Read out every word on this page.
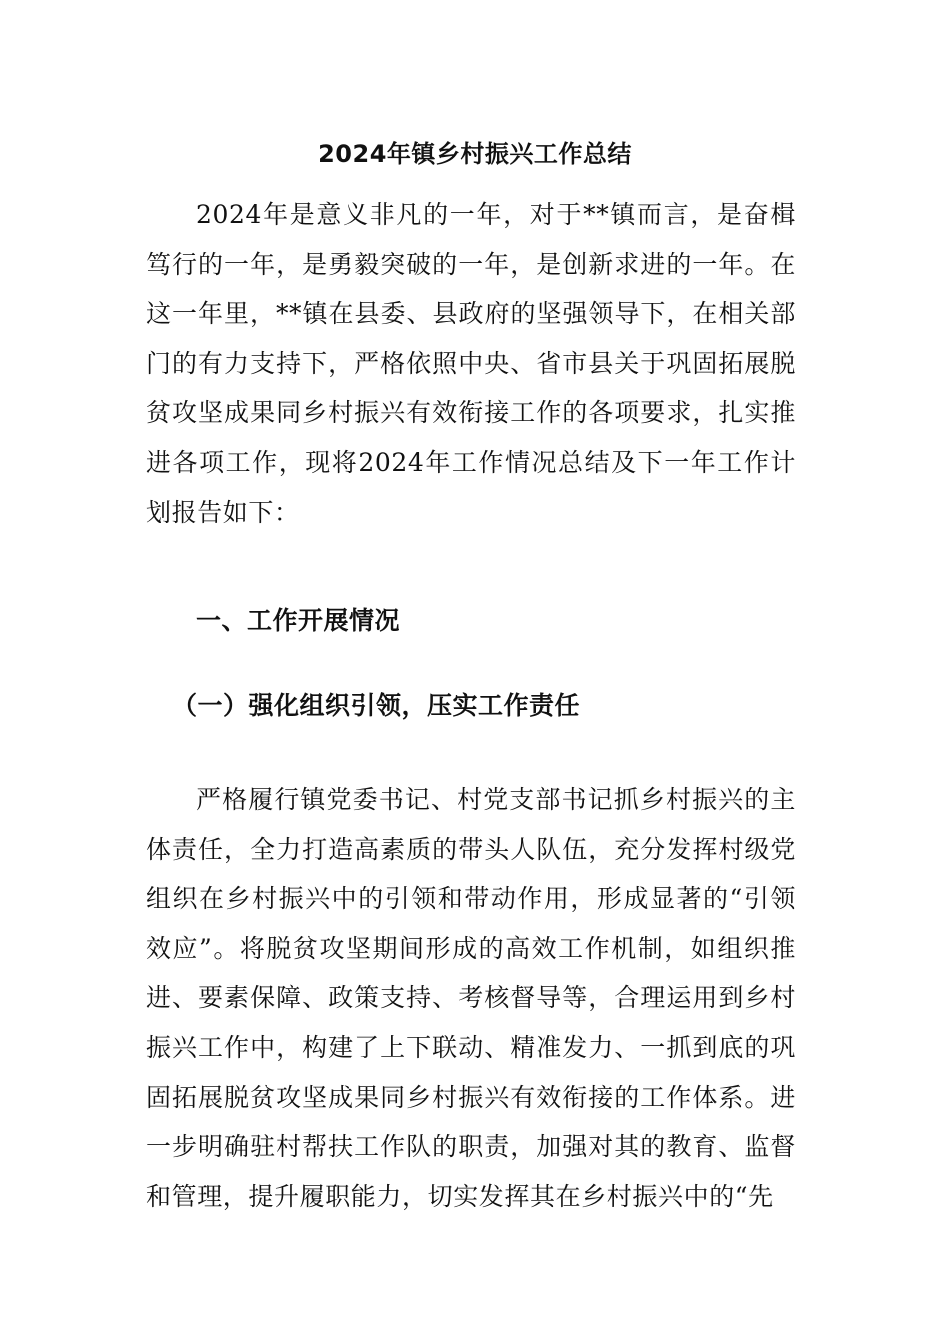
2024年镇乡村振兴工作总结

2024年是意义非凡的一年，对于**镇而言，是奋楫笃行的一年，是勇毅突破的一年，是创新求进的一年。在这一年里，**镇在县委、县政府的坚强领导下，在相关部门的有力支持下，严格依照中央、省市县关于巩固拓展脱贫攻坚成果同乡村振兴有效衔接工作的各项要求，扎实推进各项工作，现将2024年工作情况总结及下一年工作计划报告如下：

一、工作开展情况
（一）强化组织引领，压实工作责任

严格履行镇党委书记、村党支部书记抓乡村振兴的主体责任，全力打造高素质的带头人队伍，充分发挥村级党组织在乡村振兴中的引领和带动作用，形成显著的“引领效应”。将脱贫攻坚期间形成的高效工作机制，如组织推进、要素保障、政策支持、考核督导等，合理运用到乡村振兴工作中，构建了上下联动、精准发力、一抓到底的巩固拓展脱贫攻坚成果同乡村振兴有效衔接的工作体系。进一步明确驻村帮扶工作队的职责，加强对其的教育、监督和管理，提升履职能力，切实发挥其在乡村振兴中的“先
